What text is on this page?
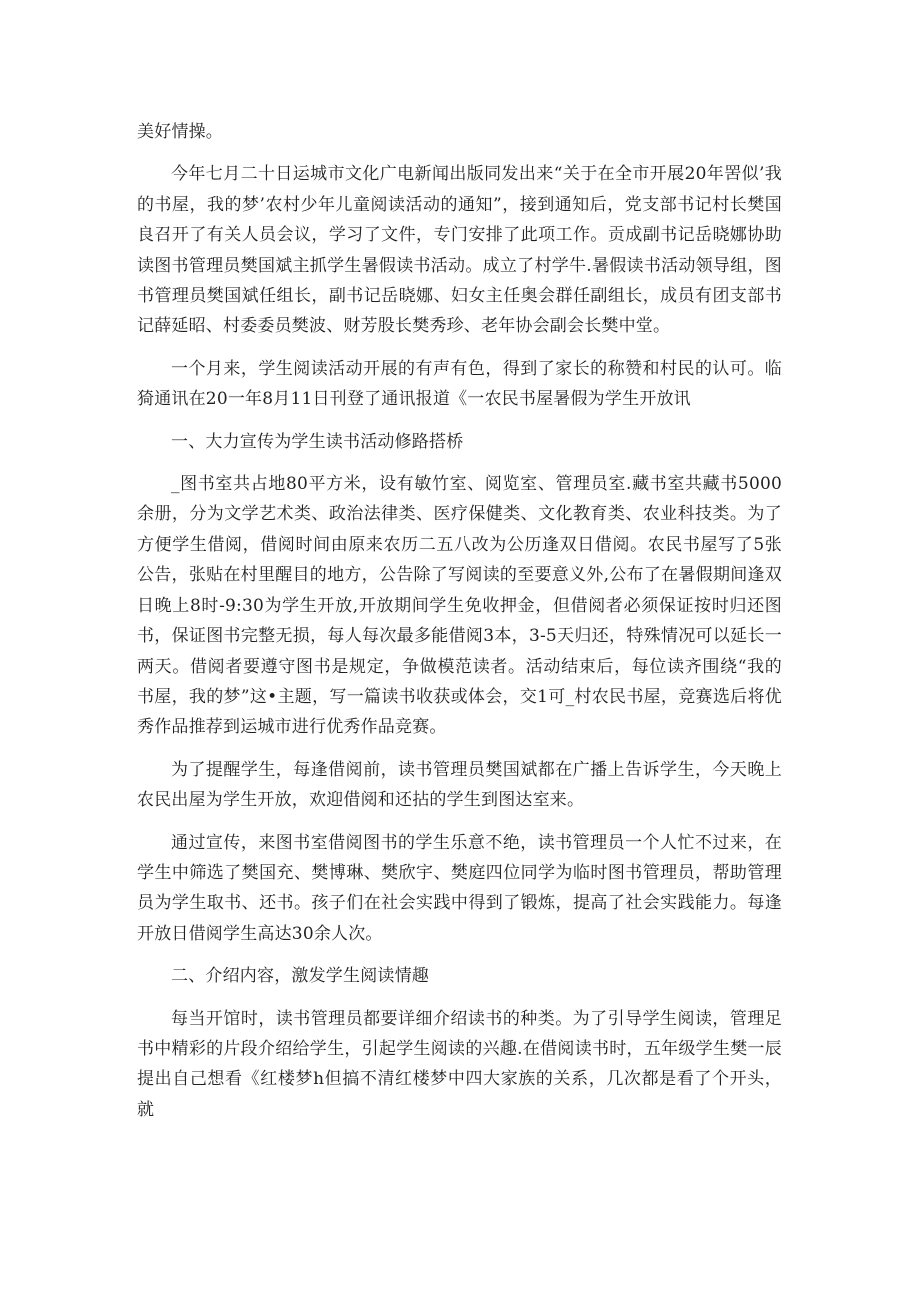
美好情操。

今年七月二十日运城市文化广电新闻出版同发出来“关于在全市开展20年罟似’我的书屋，我的梦’农村少年儿童阅读活动的通知”，接到通知后，党支部书记村长樊国良召开了有关人员会议，学习了文件，专门安排了此项工作。贡成副书记岳晓娜协助读图书管理员樊国斌主抓学生暑假读书活动。成立了村学牛.暑假读书活动领导组，图书管理员樊国斌任组长，副书记岳晓娜、妇女主任奥会群任副组长，成员有团支部书记薛延昭、村委委员樊波、财芳股长樊秀珍、老年协会副会长樊中堂。

一个月来，学生阅读活动开展的有声有色，得到了家长的称赞和村民的认可。临猗通讯在20一年8月11日刊登了通讯报道《一农民书屋暑假为学生开放讯

一、大力宣传为学生读书活动修路搭桥

_图书室共占地80平方米，设有敏竹室、阅览室、管理员室.藏书室共藏书5000余册，分为文学艺术类、政治法律类、医疗保健类、文化教育类、农业科技类。为了方便学生借阅，借阅时间由原来农历二五八改为公历逢双日借阅。农民书屋写了5张公告，张贴在村里醒目的地方，公告除了写阅读的至要意义外,公布了在暑假期间逢双日晚上8时-9:30为学生开放,开放期间学生免收押金，但借阅者必须保证按时归还图书，保证图书完整无损，每人每次最多能借阅3本，3-5天归还，特殊情况可以延长一两天。借阅者要遵守图书是规定，争做模范读者。活动结束后，每位读齐围绕“我的书屋，我的梦”这•主题，写一篇读书收获或体会，交1可_村农民书屋，竞赛选后将优秀作品推荐到运城市进行优秀作品竞赛。

为了提醒学生，每逢借阅前，读书管理员樊国斌都在广播上告诉学生，今天晚上农民出屋为学生开放，欢迎借阅和还拈的学生到图达室来。

通过宣传，来图书室借阅图书的学生乐意不绝，读书管理员一个人忙不过来，在学生中筛选了樊国充、樊博琳、樊欣宇、樊庭四位同学为临时图书管理员，帮助管理员为学生取书、还书。孩子们在社会实践中得到了锻炼，提高了社会实践能力。每逢开放日借阅学生高达30余人次。

二、介绍内容，激发学生阅读情趣

每当开馆时，读书管理员都要详细介绍读书的种类。为了引导学生阅读，管理足书中精彩的片段介绍给学生，引起学生阅读的兴趣.在借阅读书时，五年级学生樊一辰提出自己想看《红楼梦h但搞不清红楼梦中四大家族的关系，几次都是看了个开头，就
